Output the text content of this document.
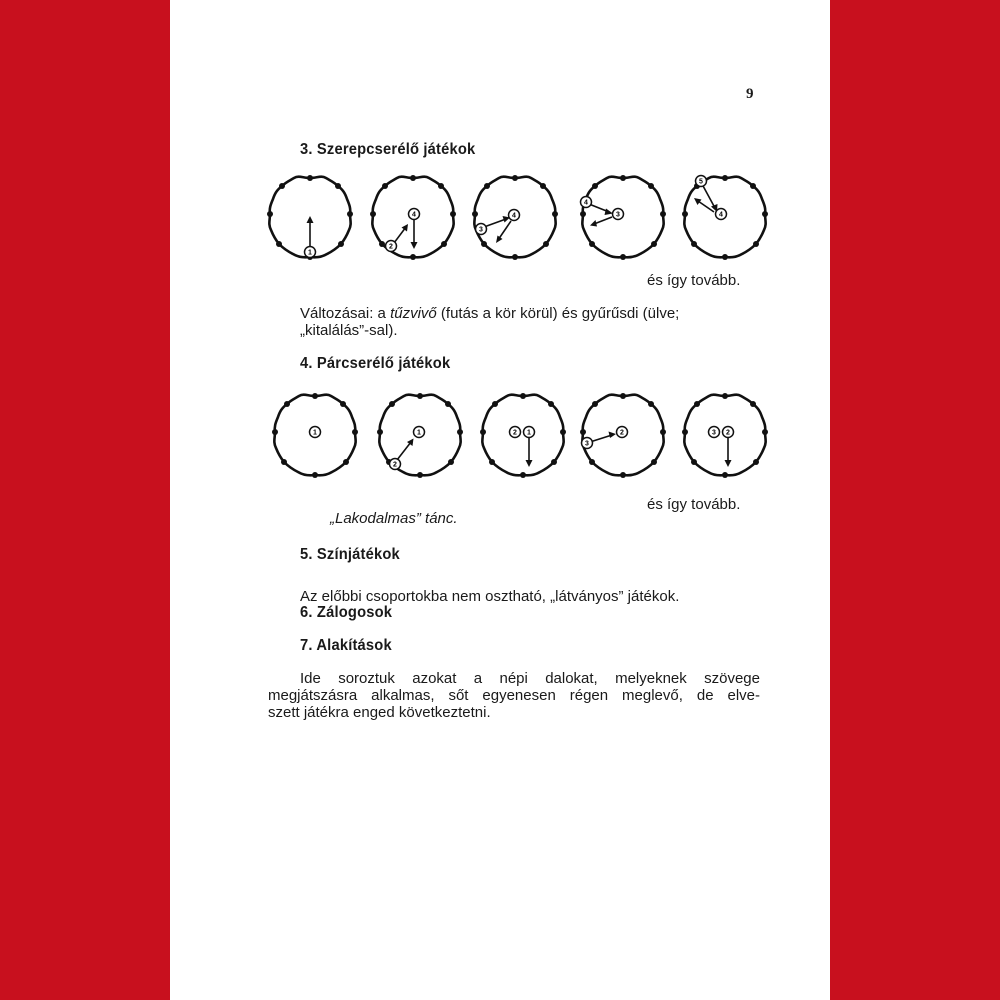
9
3. Szerepcserélő játékok
1
2
4
3
4
4
3
5
4
és így tovább.

Változásai: a tűzvivő (futás a kör körül) és gyűrűsdi (ülve;

„kitalálás”-sal).

4. Párcserélő játékok
1
2
1	2 1
3
2	3 2
és így tovább.
„Lakodalmas” tánc.
5. Színjátékok
Az előbbi csoportokba nem osztható, „látványos” játékok.
6. Zálogosok
7. Alakítások

Ide soroztuk azokat a népi dalokat, melyeknek szövege

megjátszásra alkalmas, sőt egyenesen régen meglevő, de elve-

szett játékra enged következtetni.
